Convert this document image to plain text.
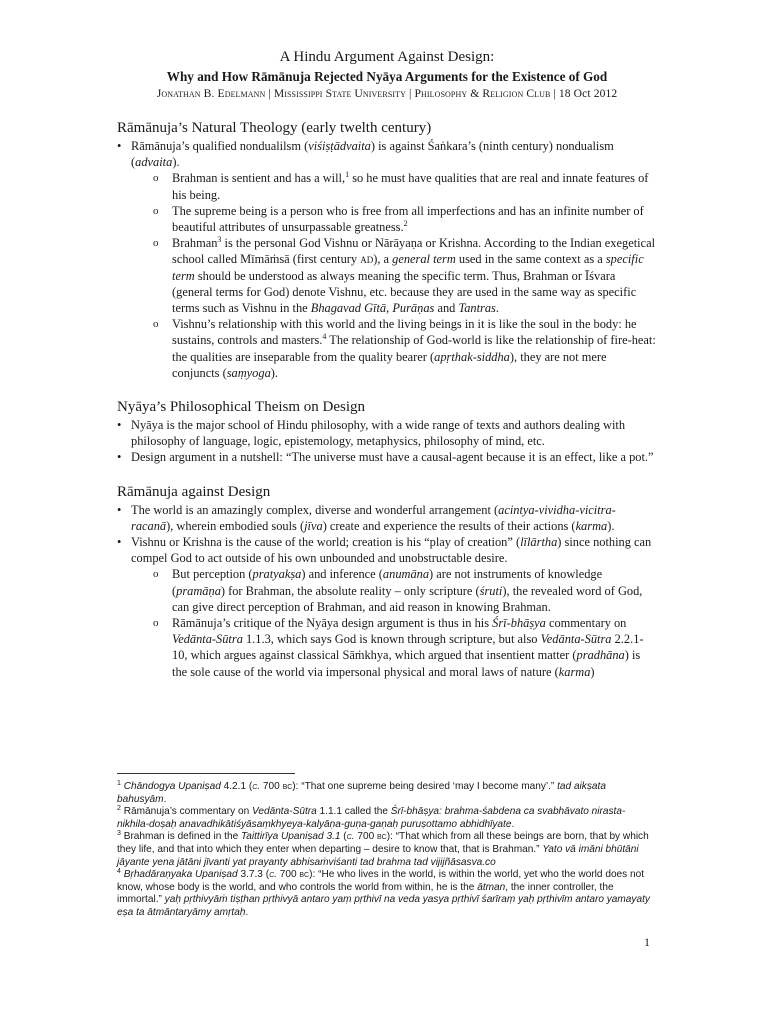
A Hindu Argument Against Design:
Why and How Rāmānuja Rejected Nyāya Arguments for the Existence of God
Jonathan B. Edelmann | Mississippi State University | Philosophy & Religion Club | 18 Oct 2012
Rāmānuja’s Natural Theology (early twelth century)
• Rāmānuja’s qualified nondualilsm (viśiṣṭādvaita) is against Śaṅkara’s (ninth century) nondualism (advaita).
o Brahman is sentient and has a will,$^1$ so he must have qualities that are real and innate features of his being.
o The supreme being is a person who is free from all imperfections and has an infinite number of beautiful attributes of unsurpassable greatness.$^2$
o Brahman$^3$ is the personal God Vishnu or Nārāyaṇa or Krishna. According to the Indian exegetical school called Mīmāṁsā (first century ad), a general term used in the same context as a specific term should be understood as always meaning the specific term. Thus, Brahman or Īśvara (general terms for God) denote Vishnu, etc. because they are used in the same way as specific terms such as Vishnu in the Bhagavad Gītā, Purāṇas and Tantras.
o Vishnu’s relationship with this world and the living beings in it is like the soul in the body: he sustains, controls and masters.$^4$ The relationship of God-world is like the relationship of fire-heat: the qualities are inseparable from the quality bearer (apṛthak-siddha), they are not mere conjuncts (saṃyoga).
Nyāya’s Philosophical Theism on Design
• Nyāya is the major school of Hindu philosophy, with a wide range of texts and authors dealing with philosophy of language, logic, epistemology, metaphysics, philosophy of mind, etc.
• Design argument in a nutshell: “The universe must have a causal-agent because it is an effect, like a pot.”
Rāmānuja against Design
• The world is an amazingly complex, diverse and wonderful arrangement (acintya-vividha-vicitra-racanā), wherein embodied souls (jīva) create and experience the results of their actions (karma).
• Vishnu or Krishna is the cause of the world; creation is his “play of creation” (līlārtha) since nothing can compel God to act outside of his own unbounded and unobstructable desire.
o But perception (pratyakṣa) and inference (anumāna) are not instruments of knowledge (pramāṇa) for Brahman, the absolute reality – only scripture (śruti), the revealed word of God, can give direct perception of Brahman, and aid reason in knowing Brahman.
o Rāmānuja’s critique of the Nyāya design argument is thus in his Śrī-bhāṣya commentary on Vedānta-Sūtra 1.1.3, which says God is known through scripture, but also Vedānta-Sūtra 2.2.1-10, which argues against classical Sāṁkhya, which argued that insentient matter (pradhāna) is the sole cause of the world via impersonal physical and moral laws of nature (karma)
$^1$ Chāndogya Upaniṣad 4.2.1 (c. 700 bc): “That one supreme being desired ‘may I become many’.” tad aikṣata bahusyām.
$^2$ Rāmānuja’s commentary on Vedānta-Sūtra 1.1.1 called the Śrī-bhāṣya: brahma-śabdena ca svabhāvato nirasta-nikhila-doṣaḥ anavadhikātiśyāsaṃkhyeya-kalyāṇa-guṇa-gaṇaḥ puruṣottamo abhidhīyate.
$^3$ Brahman is defined in the Taittirīya Upaniṣad 3.1 (c. 700 bc): “That which from all these beings are born, that by which they life, and that into which they enter when departing – desire to know that, that is Brahman.” Yato vā imāni bhūtāni jāyante yena jātāni jīvanti yat prayanty abhisaṁviśanti tad brahma tad vijijñāsasva.co
$^4$ Bṛhadāraṇyaka Upaniṣad 3.7.3 (c. 700 bc): “He who lives in the world, is within the world, yet who the world does not know, whose body is the world, and who controls the world from within, he is the ātman, the inner controller, the immortal.” yaḥ pṛthivyāṁ tiṣṭhan pṛthivyā antaro yaṃ pṛthivī na veda yasya pṛthivī śarīraṃ yaḥ pṛthivīm antaro yamayaty eṣa ta ātmāntaryāmy amṛtaḥ.
1
